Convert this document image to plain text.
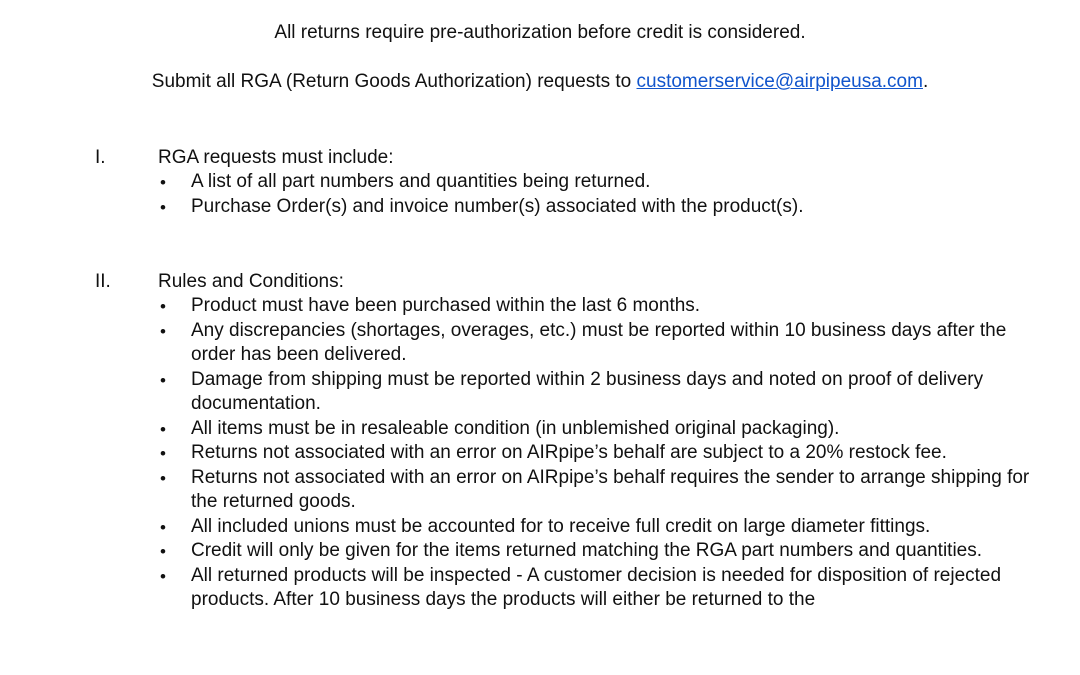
All returns require pre-authorization before credit is considered.
Submit all RGA (Return Goods Authorization) requests to customerservice@airpipeusa.com.
I.	RGA requests must include:
• A list of all part numbers and quantities being returned.
• Purchase Order(s) and invoice number(s) associated with the product(s).
II. Rules and Conditions:
• Product must have been purchased within the last 6 months.
• Any discrepancies (shortages, overages, etc.) must be reported within 10 business days after the order has been delivered.
• Damage from shipping must be reported within 2 business days and noted on proof of delivery documentation.
• All items must be in resaleable condition (in unblemished original packaging).
• Returns not associated with an error on AIRpipe’s behalf are subject to a 20% restock fee.
• Returns not associated with an error on AIRpipe’s behalf requires the sender to arrange shipping for the returned goods.
• All included unions must be accounted for to receive full credit on large diameter fittings.
• Credit will only be given for the items returned matching the RGA part numbers and quantities.
• All returned products will be inspected - A customer decision is needed for disposition of rejected products. After 10 business days the products will either be returned to the
